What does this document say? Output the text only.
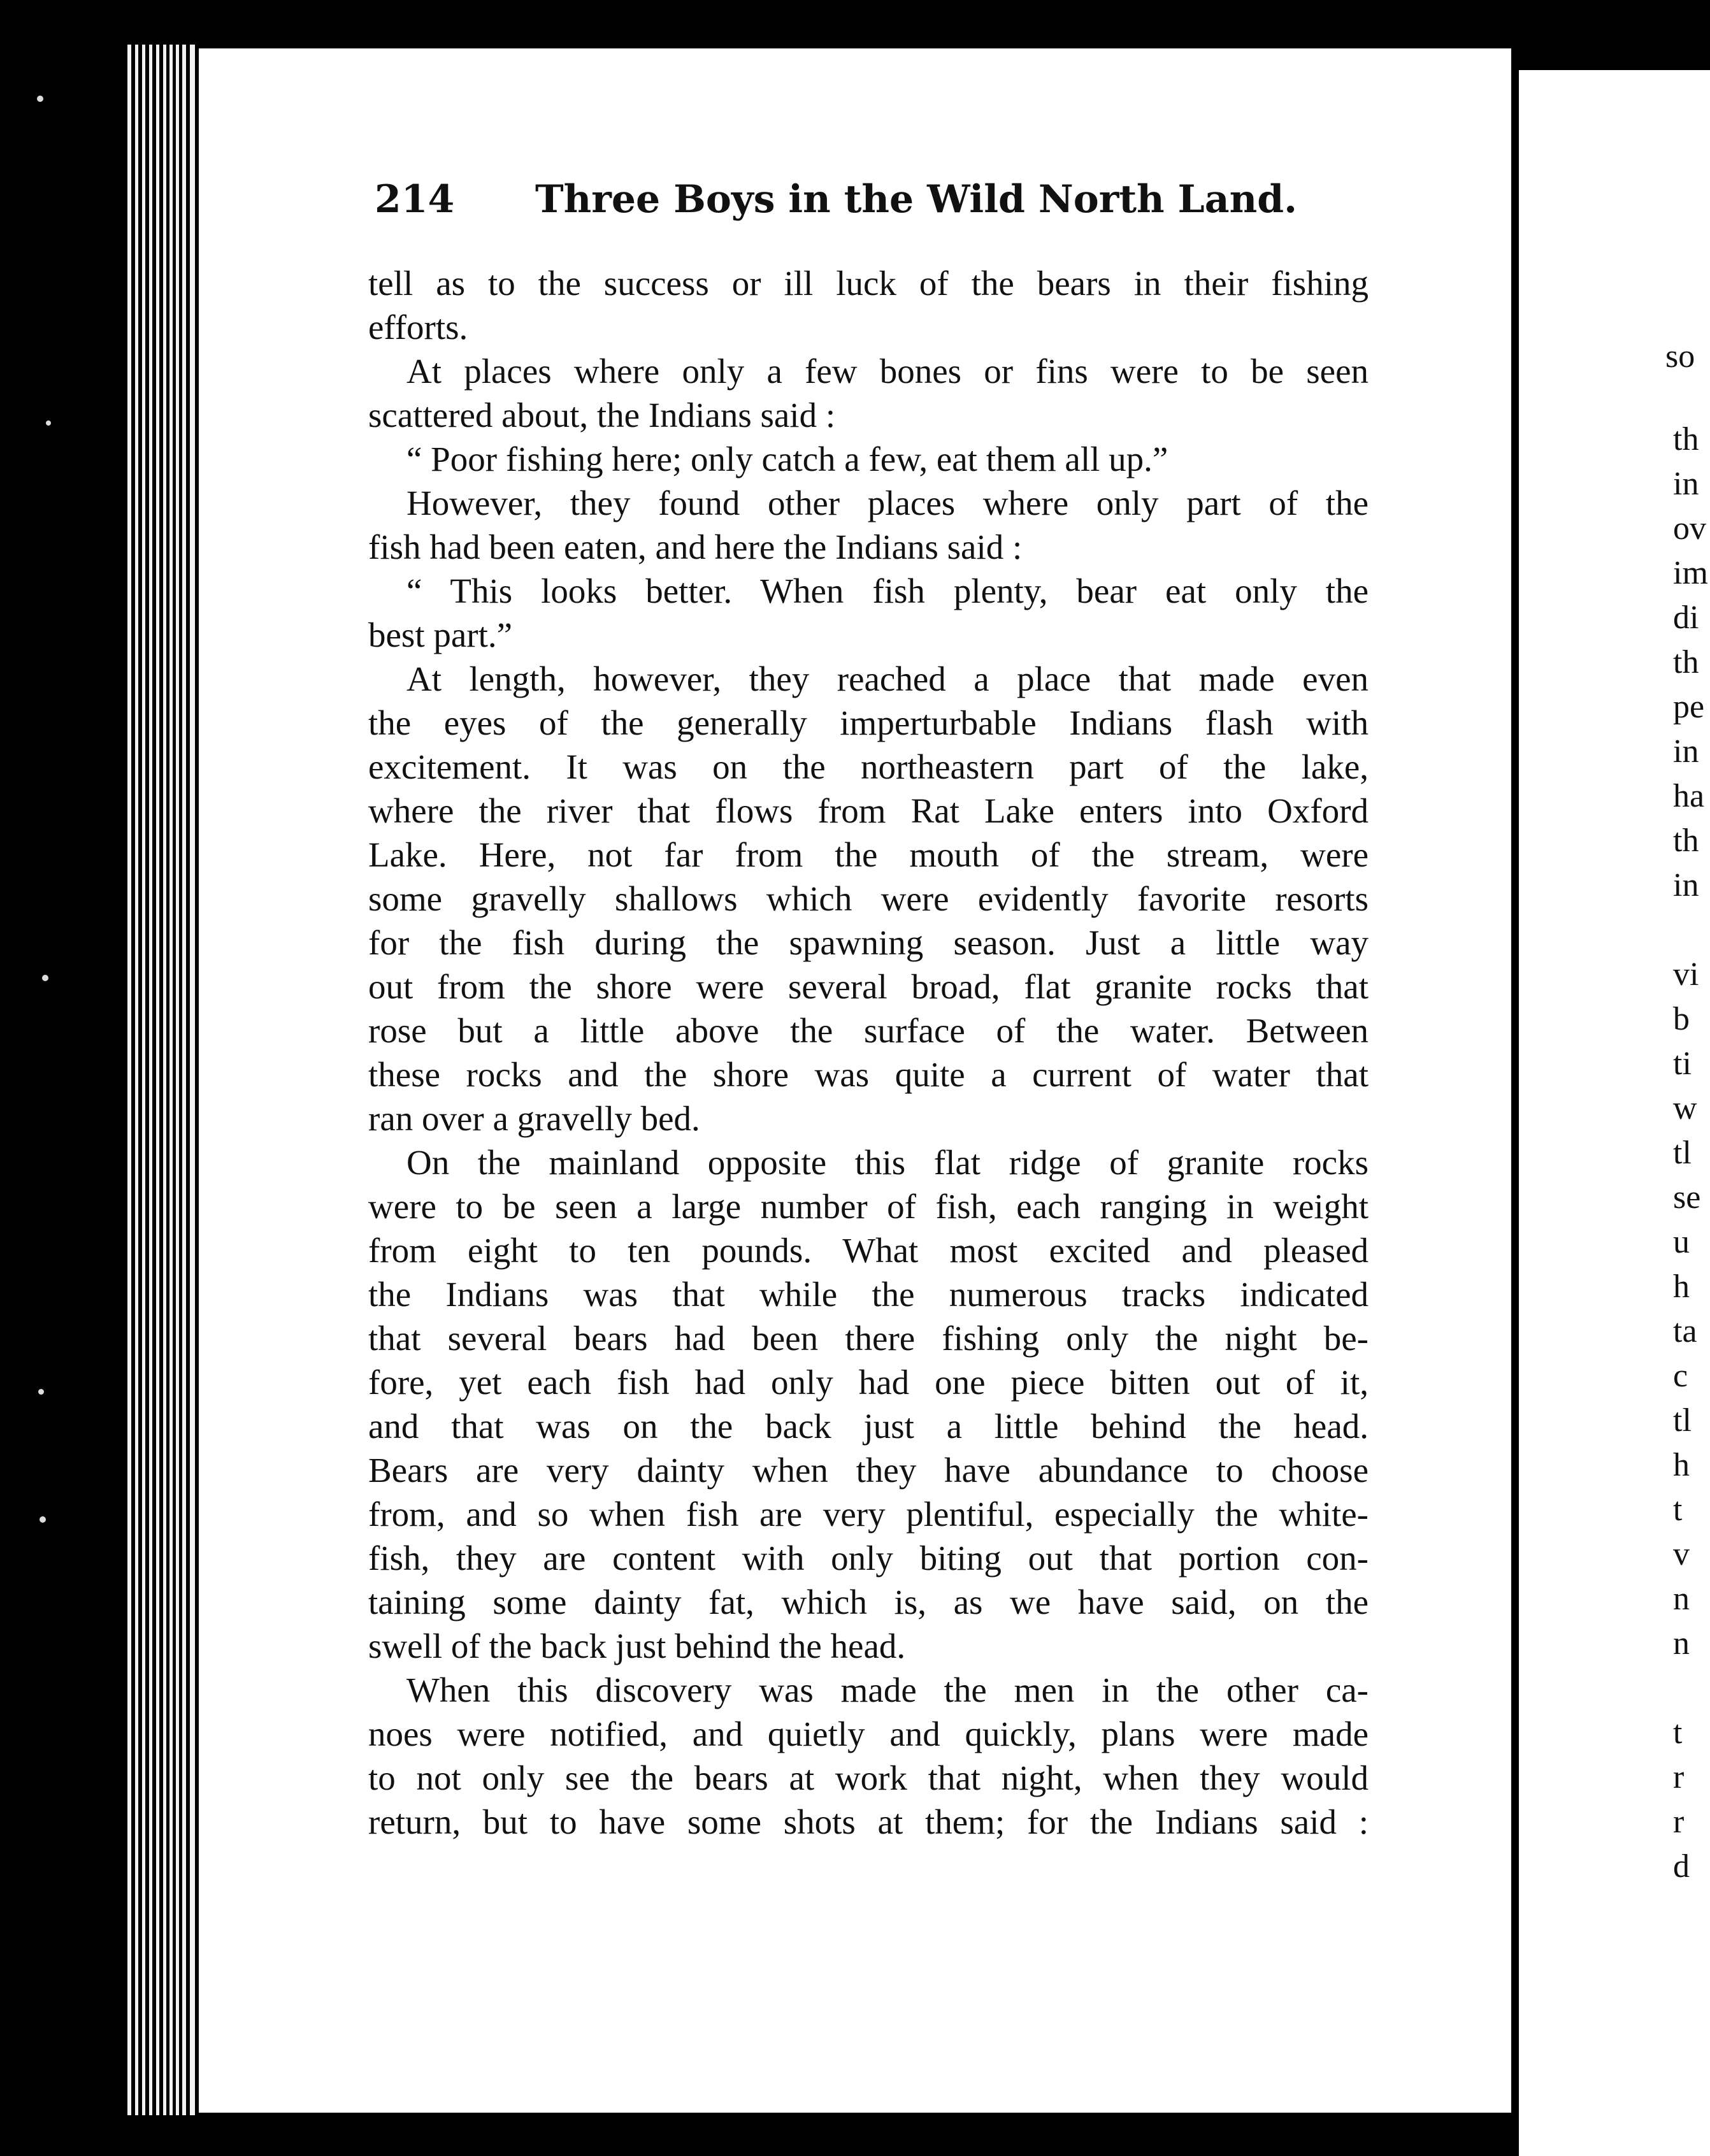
214 Three Boys in the Wild North Land.
tell as to the success or ill luck of the bears in their fishing
efforts.
At places where only a few bones or fins were to be seen
scattered about, the Indians said :
“ Poor fishing here; only catch a few, eat them all up.”
However, they found other places where only part of the
fish had been eaten, and here the Indians said :
“ This looks better. When fish plenty, bear eat only the
best part.”
At length, however, they reached a place that made even
the eyes of the generally imperturbable Indians flash with
excitement. It was on the northeastern part of the lake,
where the river that flows from Rat Lake enters into Oxford
Lake. Here, not far from the mouth of the stream, were
some gravelly shallows which were evidently favorite resorts
for the fish during the spawning season. Just a little way
out from the shore were several broad, flat granite rocks that
rose but a little above the surface of the water. Between
these rocks and the shore was quite a current of water that
ran over a gravelly bed.
On the mainland opposite this flat ridge of granite rocks
were to be seen a large number of fish, each ranging in weight
from eight to ten pounds. What most excited and pleased
the Indians was that while the numerous tracks indicated
that several bears had been there fishing only the night be-
fore, yet each fish had only had one piece bitten out of it,
and that was on the back just a little behind the head.
Bears are very dainty when they have abundance to choose
from, and so when fish are very plentiful, especially the white-
fish, they are content with only biting out that portion con-
taining some dainty fat, which is, as we have said, on the
swell of the back just behind the head.
When this discovery was made the men in the other ca-
noes were notified, and quietly and quickly, plans were made
to not only see the bears at work that night, when they would
return, but to have some shots at them; for the Indians said :
so
th
in
ov
im
di
th
pe
in
ha
th
in
vi
b
ti
w
tl
se
u
h
ta
c
tl
h
t
v
n
n
t
r
r
d
